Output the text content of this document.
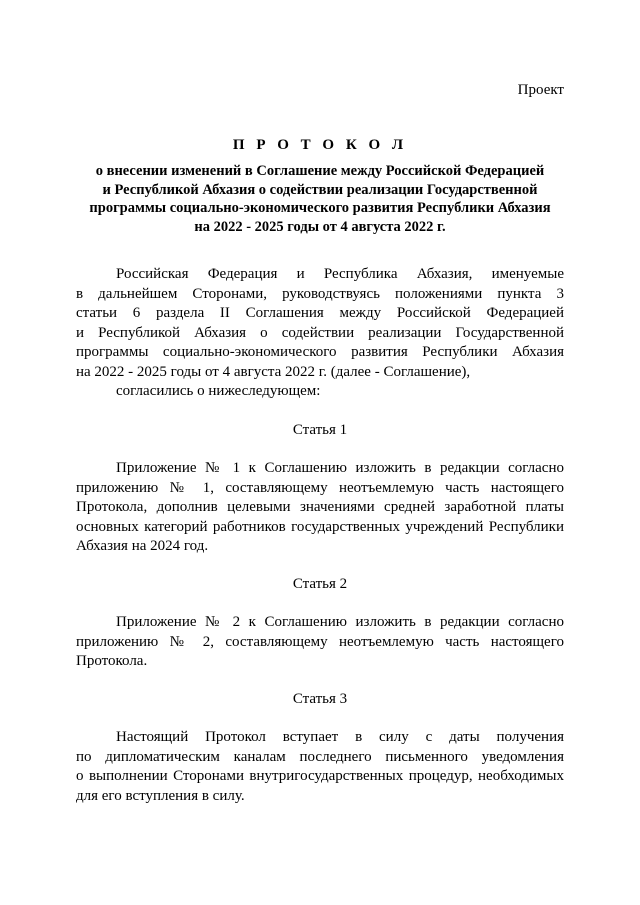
Проект
П Р О Т О К О Л
о внесении изменений в Соглашение между Российской Федерацией
и Республикой Абхазия о содействии реализации Государственной
программы социально-экономического развития Республики Абхазия
на 2022 - 2025 годы от 4 августа 2022 г.
Российская Федерация и Республика Абхазия, именуемые
в дальнейшем Сторонами, руководствуясь положениями пункта 3
статьи 6 раздела II Соглашения между Российской Федерацией
и Республикой Абхазия о содействии реализации Государственной
программы социально-экономического развития Республики Абхазия
на 2022 - 2025 годы от 4 августа 2022 г. (далее - Соглашение),
согласились о нижеследующем:
Статья 1
Приложение № 1 к Соглашению изложить в редакции согласно
приложению № 1, составляющему неотъемлемую часть настоящего
Протокола, дополнив целевыми значениями средней заработной платы
основных категорий работников государственных учреждений Республики
Абхазия на 2024 год.
Статья 2
Приложение № 2 к Соглашению изложить в редакции согласно
приложению № 2, составляющему неотъемлемую часть настоящего
Протокола.
Статья 3
Настоящий Протокол вступает в силу с даты получения
по дипломатическим каналам последнего письменного уведомления
о выполнении Сторонами внутригосударственных процедур, необходимых
для его вступления в силу.
